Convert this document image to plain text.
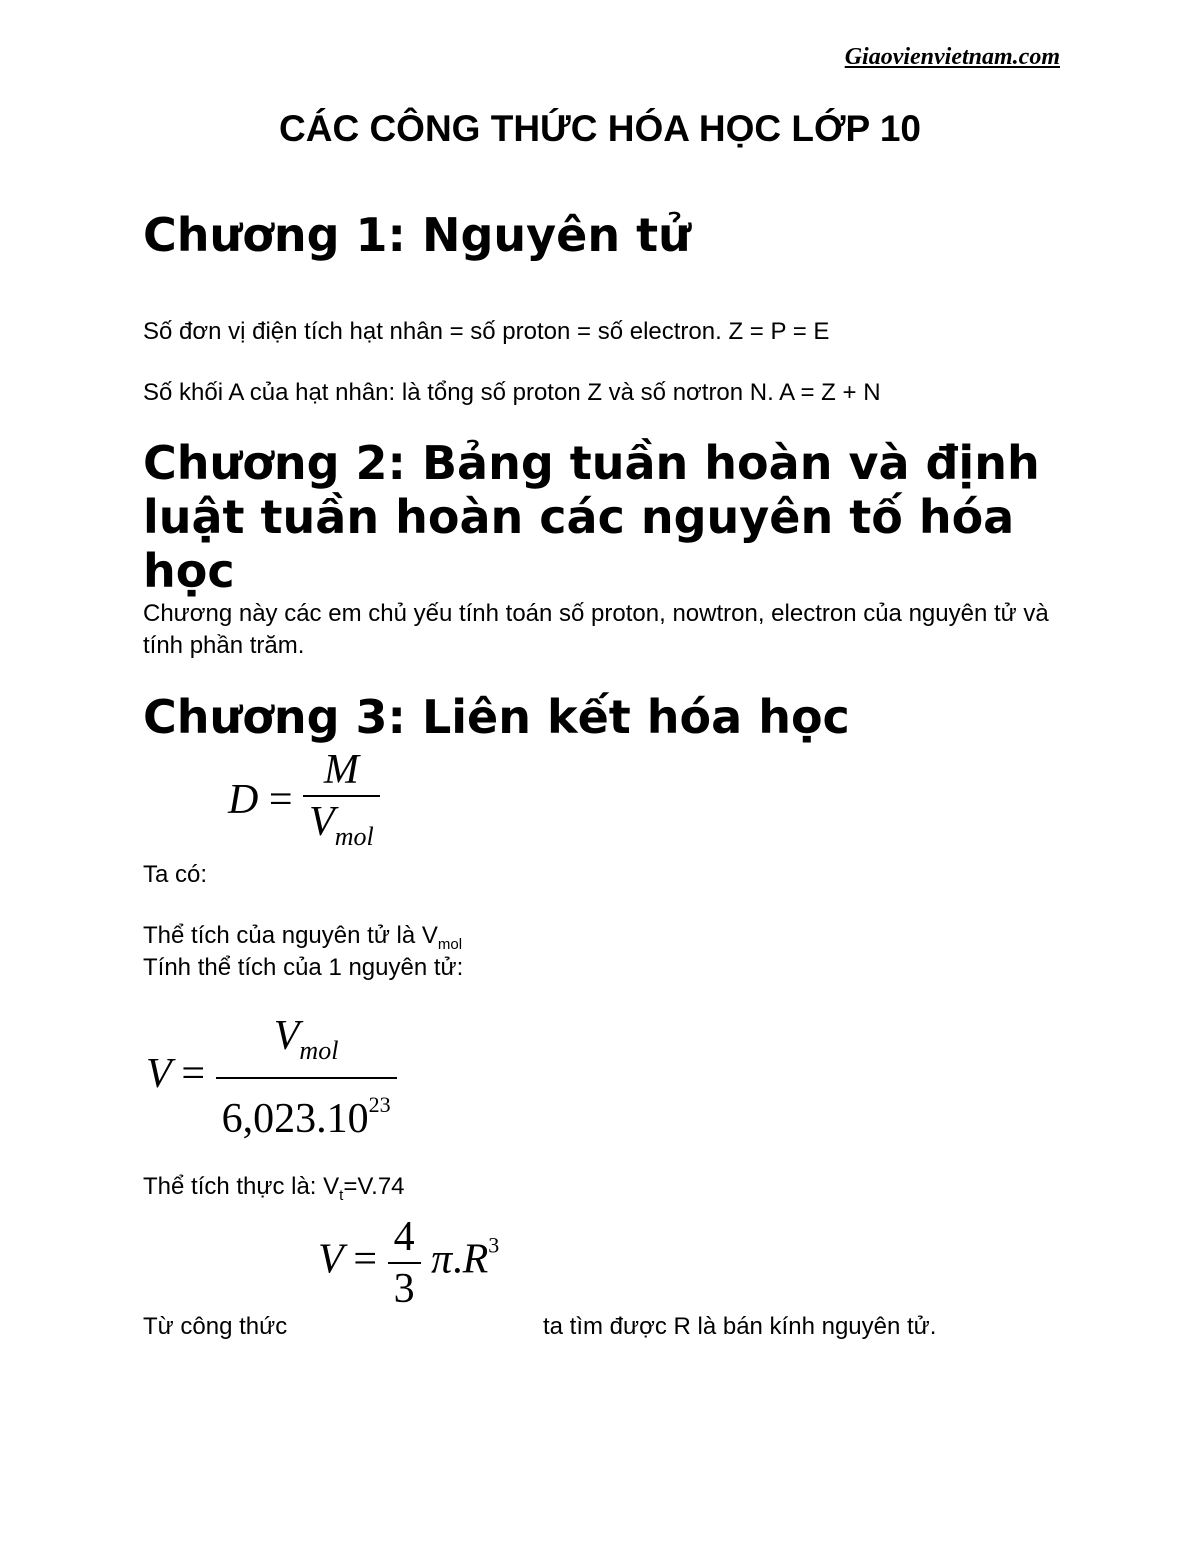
Giaovienvietnam.com
CÁC CÔNG THỨC HÓA HỌC LỚP 10
Chương 1: Nguyên tử
Số đơn vị điện tích hạt nhân = số proton = số electron. Z = P = E
Số khối A của hạt nhân: là tổng số proton Z và số nơtron N. A = Z + N
Chương 2: Bảng tuần hoàn và định
luật tuần hoàn các nguyên tố hóa
học
Chương này các em chủ yếu tính toán số proton, nowtron, electron của nguyên tử và tính phần trăm.
Chương 3: Liên kết hóa học
$D = \frac{M}{V_{mol}}$
Ta có:
Thể tích của nguyên tử là $V_{mol}$
Tính thể tích của 1 nguyên tử:
$V = \frac{V_{mol}}{6,023.10^{23}}$
Thể tích thực là: $V_t=V.74$
$V = \frac{4}{3} \pi.R^3$
Từ công thức	ta tìm được R là bán kính nguyên tử.
